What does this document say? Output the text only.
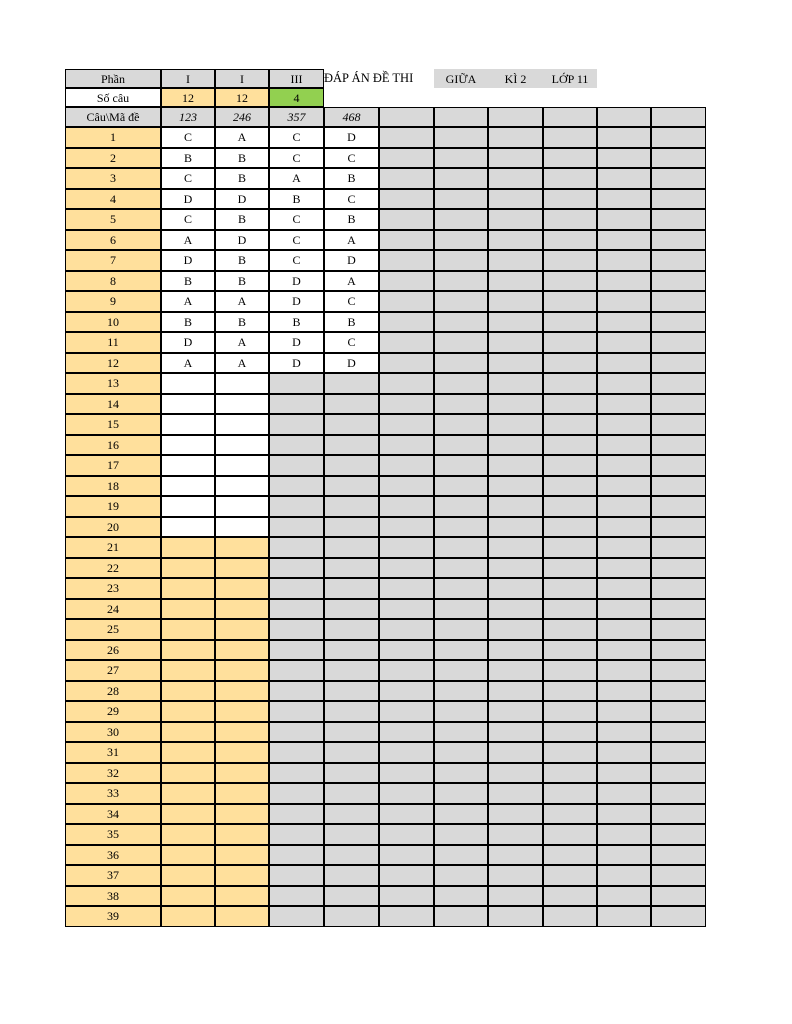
Phần	I	I	III	ĐÁP ÁN ĐỀ THI	GIỮA	KÌ 2	LỚP 11
Số câu	12	12	4
Câu\Mã đề	123	246	357	468
1	C	A	C	D
2	B	B	C	C
3	C	B	A	B
4	D	D	B	C
5	C	B	C	B
6	A	D	C	A
7	D	B	C	D
8	B	B	D	A
9	A	A	D	C
10	B	B	B	B
11	D	A	D	C
12	A	A	D	D
13
14
15
16
17
18
19
20
21
22
23
24
25
26
27
28
29
30
31
32
33
34
35
36
37
38
39
